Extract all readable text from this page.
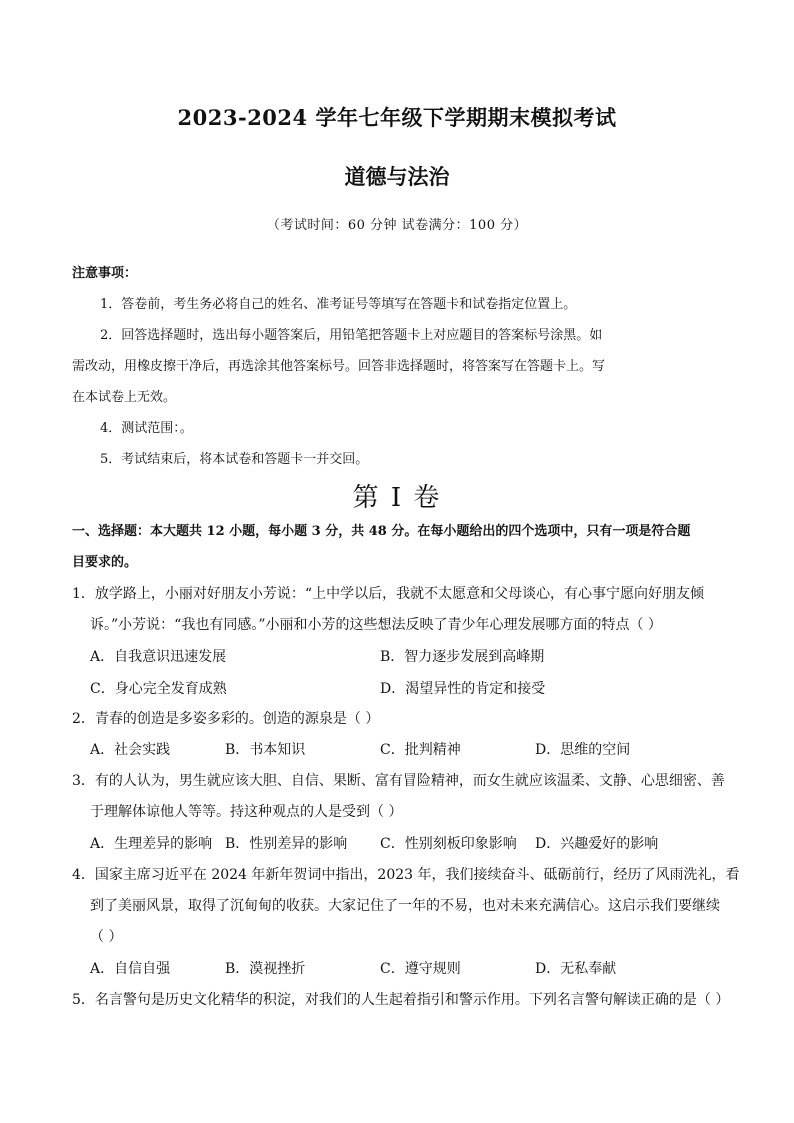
2023-2024 学年七年级下学期期末模拟考试
道德与法治
（考试时间：60 分钟 试卷满分：100 分）
注意事项：
1．答卷前，考生务必将自己的姓名、准考证号等填写在答题卡和试卷指定位置上。
2．回答选择题时，选出每小题答案后，用铅笔把答题卡上对应题目的答案标号涂黑。如
需改动，用橡皮擦干净后，再选涂其他答案标号。回答非选择题时，将答案写在答题卡上。写
在本试卷上无效。
4．测试范围：。
5．考试结束后，将本试卷和答题卡一并交回。
第 I 卷
一、选择题：本大题共 12 小题，每小题 3 分，共 48 分。在每小题给出的四个选项中，只有一项是符合题
目要求的。
1．放学路上，小丽对好朋友小芳说：“上中学以后，我就不太愿意和父母谈心，有心事宁愿向好朋友倾
诉。”小芳说：“我也有同感。”小丽和小芳的这些想法反映了青少年心理发展哪方面的特点（ ）
A．自我意识迅速发展	B．智力逐步发展到高峰期
C．身心完全发育成熟	D．渴望异性的肯定和接受
2．青春的创造是多姿多彩的。创造的源泉是（ ）
A．社会实践	B．书本知识	C．批判精神	D．思维的空间
3．有的人认为，男生就应该大胆、自信、果断、富有冒险精神，而女生就应该温柔、文静、心思细密、善
于理解体谅他人等等。持这种观点的人是受到（ ）
A．生理差异的影响 B．性别差异的影响 C．性别刻板印象影响 D．兴趣爱好的影响
4．国家主席习近平在 2024 年新年贺词中指出，2023 年，我们接续奋斗、砥砺前行，经历了风雨洗礼，看
到了美丽风景，取得了沉甸甸的收获。大家记住了一年的不易，也对未来充满信心。这启示我们要继续
（ ）
A．自信自强	B．漠视挫折	C．遵守规则	D．无私奉献
5．名言警句是历史文化精华的积淀，对我们的人生起着指引和警示作用。下列名言警句解读正确的是（ ）
